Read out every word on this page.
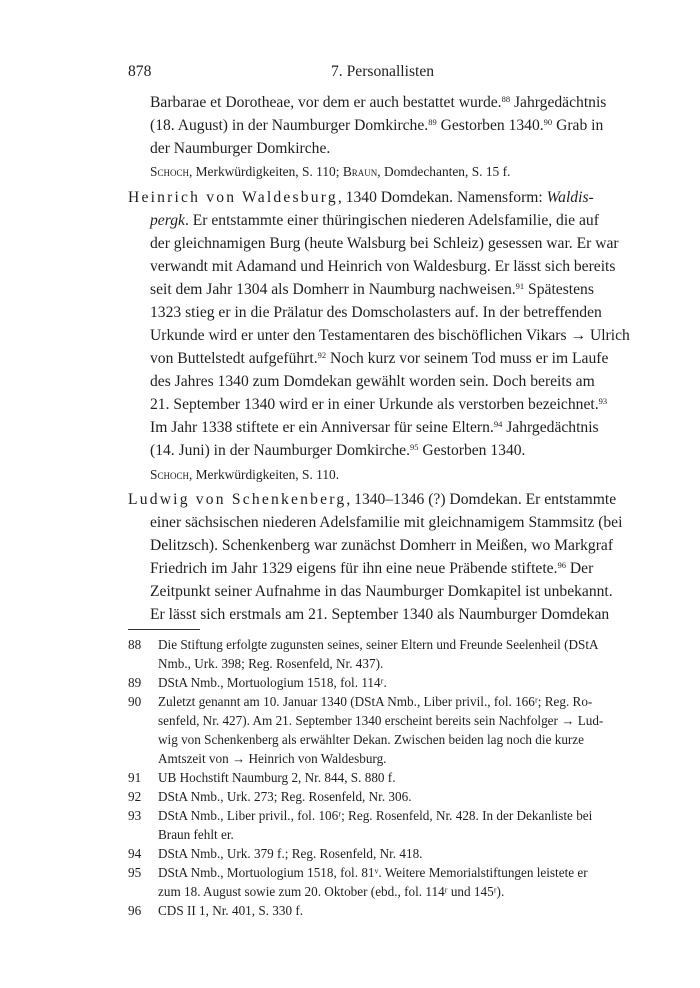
878	7. Personallisten
Barbarae et Dorotheae, vor dem er auch bestattet wurde.$^{88}$ Jahrgedächtnis
(18. August) in der Naumburger Domkirche.$^{89}$ Gestorben 1340.90 Grab in
der Naumburger Domkirche.
Schoch, Merkwürdigkeiten, S. 110; Braun, Domdechanten, S. 15 f.
Heinrich von Waldesburg, 1340 Domdekan. Namensform: Waldis-
pergk. Er entstammte einer thüringischen niederen Adelsfamilie, die auf
der gleichnamigen Burg (heute Walsburg bei Schleiz) gesessen war. Er war
verwandt mit Adamand und Heinrich von Waldesburg. Er lässt sich bereits
seit dem Jahr 1304 als Domherr in Naumburg nachweisen.$^{91}$ Spätestens
1323 stieg er in die Prälatur des Domscholasters auf. In der betreffenden
Urkunde wird er unter den Testamentaren des bischöflichen Vikars → Ulrich
von Buttelstedt aufgeführt.$^{92}$ Noch kurz vor seinem Tod muss er im Laufe
des Jahres 1340 zum Domdekan gewählt worden sein. Doch bereits am
21. September 1340 wird er in einer Urkunde als verstorben bezeichnet.$^{93}$
Im Jahr 1338 stiftete er ein Anniversar für seine Eltern.$^{94}$ Jahrgedächtnis
(14. Juni) in der Naumburger Domkirche.$^{95}$ Gestorben 1340.
Schoch, Merkwürdigkeiten, S. 110.
Ludwig von Schenkenberg, 1340–1346 (?) Domdekan. Er entstammte
einer sächsischen niederen Adelsfamilie mit gleichnamigem Stammsitz (bei
Delitzsch). Schenkenberg war zunächst Domherr in Meißen, wo Markgraf
Friedrich im Jahr 1329 eigens für ihn eine neue Präbende stiftete.$^{96}$ Der
Zeitpunkt seiner Aufnahme in das Naumburger Domkapitel ist unbekannt.
Er lässt sich erstmals am 21. September 1340 als Naumburger Domdekan
88 Die Stiftung erfolgte zugunsten seines, seiner Eltern und Freunde Seelenheil (DStA
Nmb., Urk. 398; Reg. Rosenfeld, Nr. 437).
89 DStA Nmb., Mortuologium 1518, fol. 114ʳ.
90 Zuletzt genannt am 10. Januar 1340 (DStA Nmb., Liber privil., fol. 166ʳ; Reg. Ro-
senfeld, Nr. 427). Am 21. September 1340 erscheint bereits sein Nachfolger → Lud-
wig von Schenkenberg als erwählter Dekan. Zwischen beiden lag noch die kurze
Amtszeit von → Heinrich von Waldesburg.
91 UB Hochstift Naumburg 2, Nr. 844, S. 880 f.
92 DStA Nmb., Urk. 273; Reg. Rosenfeld, Nr. 306.
93 DStA Nmb., Liber privil., fol. 106ʳ; Reg. Rosenfeld, Nr. 428. In der Dekanliste bei
Braun fehlt er.
94 DStA Nmb., Urk. 379 f.; Reg. Rosenfeld, Nr. 418.
95 DStA Nmb., Mortuologium 1518, fol. 81ᵛ. Weitere Memorialstiftungen leistete er
zum 18. August sowie zum 20. Oktober (ebd., fol. 114ʳ und 145ʳ).
96 CDS II 1, Nr. 401, S. 330 f.
